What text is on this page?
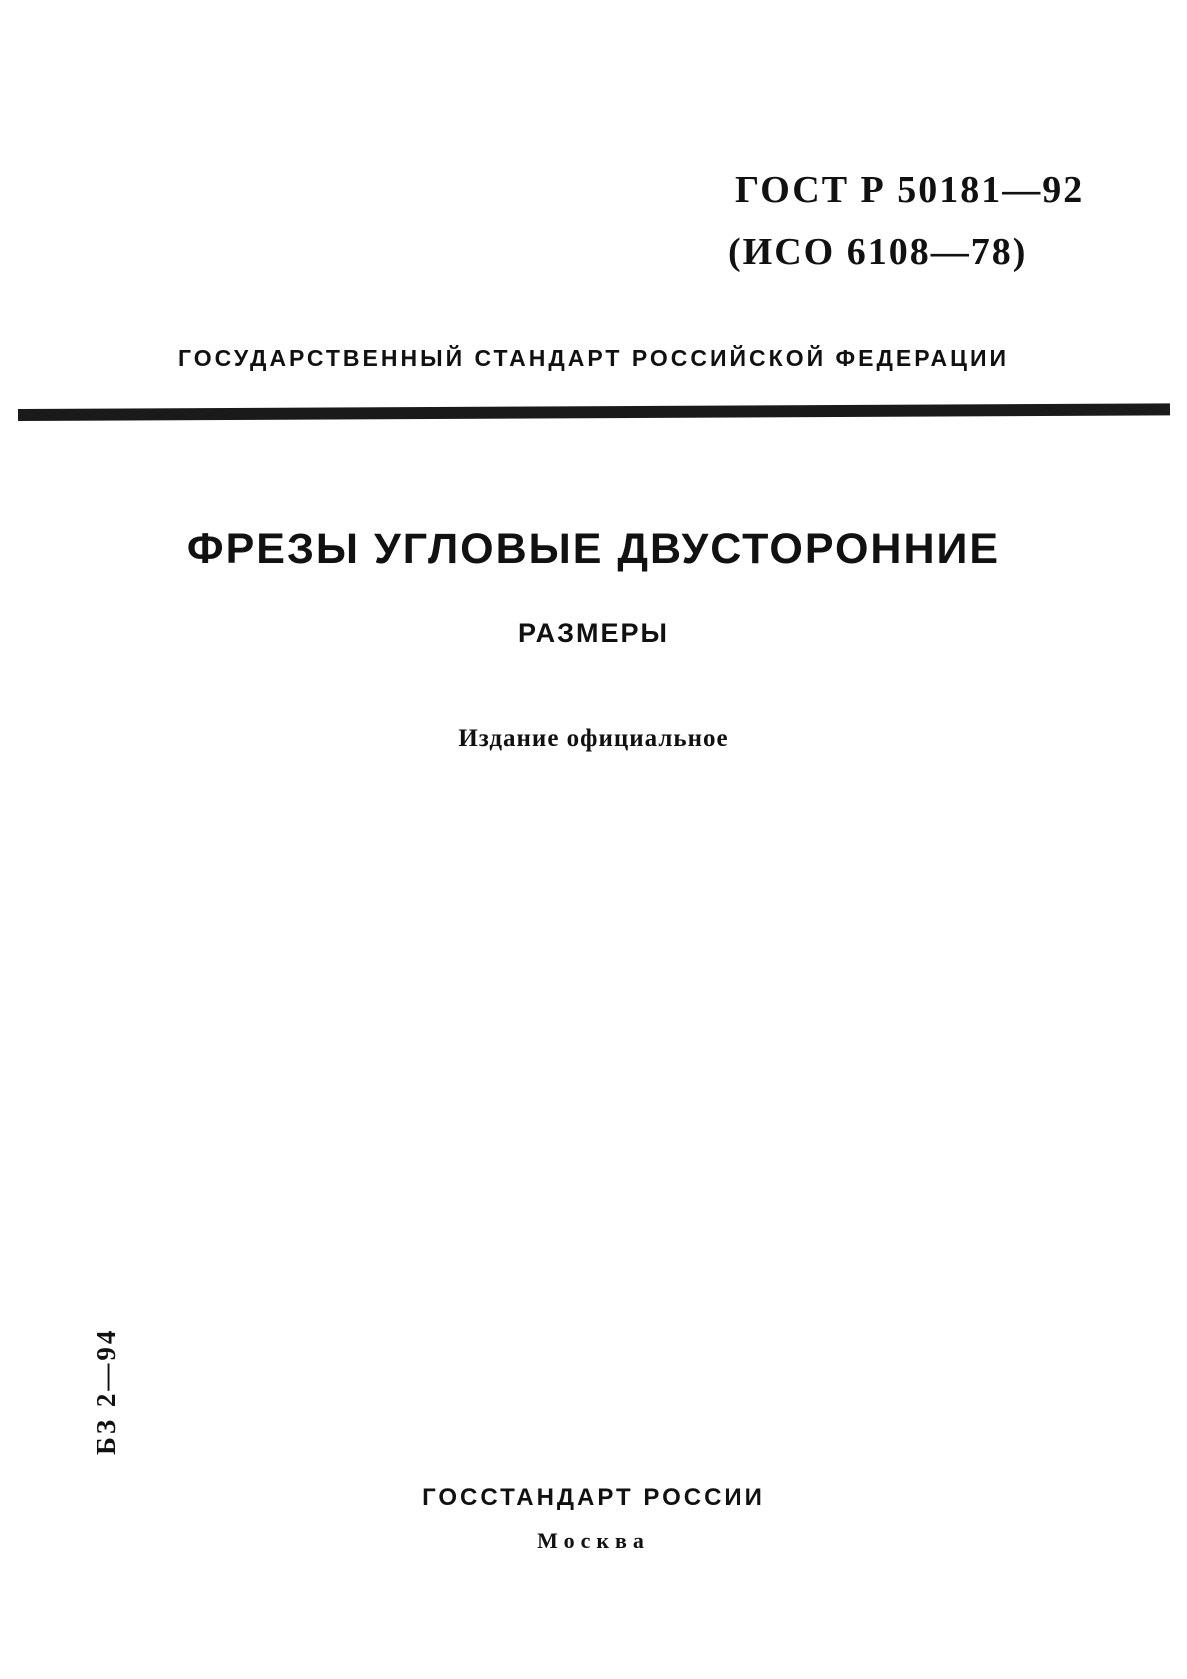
ГОСТ Р 50181—92
(ИСО 6108—78)
ГОСУДАРСТВЕННЫЙ СТАНДАРТ РОССИЙСКОЙ ФЕДЕРАЦИИ
ФРЕЗЫ УГЛОВЫЕ ДВУСТОРОННИЕ
РАЗМЕРЫ
Издание официальное
БЗ 2—94
ГОССТАНДАРТ РОССИИ
Москва
